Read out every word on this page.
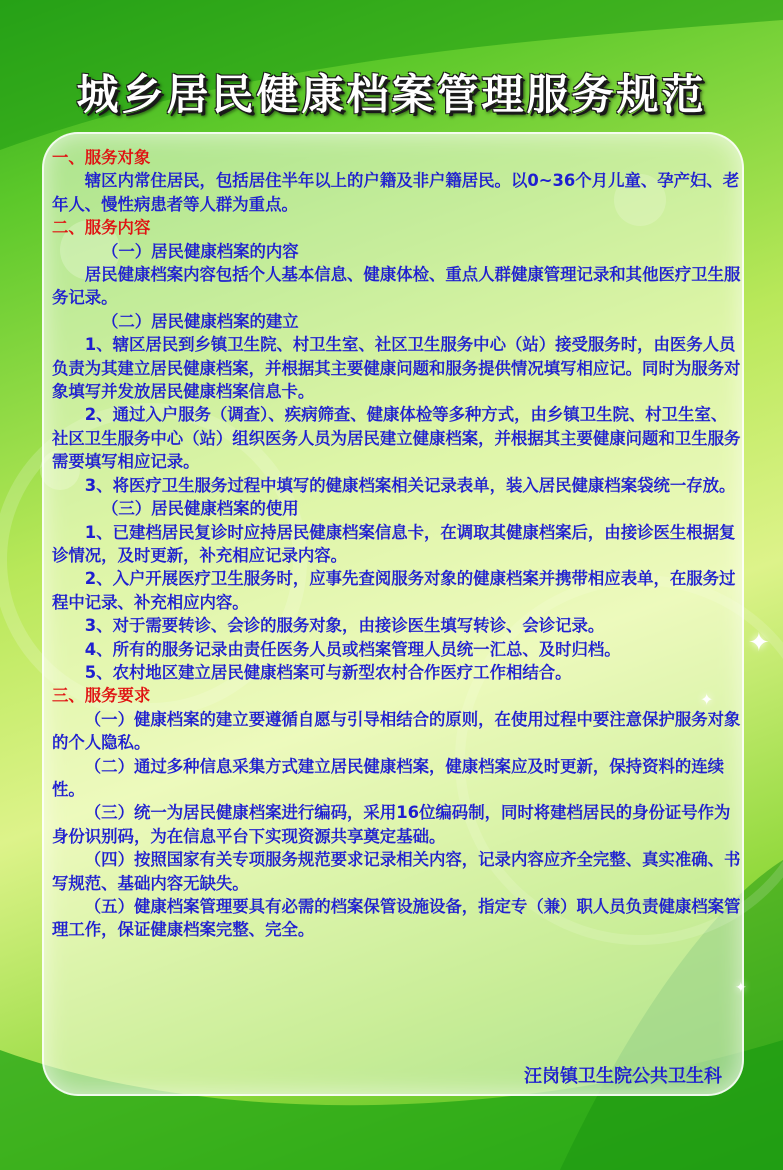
城乡居民健康档案管理服务规范

一、服务对象

辖区内常住居民，包括居住半年以上的户籍及非户籍居民。以0~36个月儿童、孕产妇、老年人、慢性病患者等人群为重点。

二、服务内容

（一）居民健康档案的内容

居民健康档案内容包括个人基本信息、健康体检、重点人群健康管理记录和其他医疗卫生服务记录。

（二）居民健康档案的建立

1、辖区居民到乡镇卫生院、村卫生室、社区卫生服务中心（站）接受服务时，由医务人员负责为其建立居民健康档案，并根据其主要健康问题和服务提供情况填写相应记。同时为服务对象填写并发放居民健康档案信息卡。

2、通过入户服务（调查）、疾病筛查、健康体检等多种方式，由乡镇卫生院、村卫生室、社区卫生服务中心（站）组织医务人员为居民建立健康档案，并根据其主要健康问题和卫生服务需要填写相应记录。

3、将医疗卫生服务过程中填写的健康档案相关记录表单，装入居民健康档案袋统一存放。

（三）居民健康档案的使用

1、已建档居民复诊时应持居民健康档案信息卡，在调取其健康档案后，由接诊医生根据复诊情况，及时更新，补充相应记录内容。

2、入户开展医疗卫生服务时，应事先查阅服务对象的健康档案并携带相应表单，在服务过程中记录、补充相应内容。

3、对于需要转诊、会诊的服务对象，由接诊医生填写转诊、会诊记录。

4、所有的服务记录由责任医务人员或档案管理人员统一汇总、及时归档。

5、农村地区建立居民健康档案可与新型农村合作医疗工作相结合。

三、服务要求

（一）健康档案的建立要遵循自愿与引导相结合的原则，在使用过程中要注意保护服务对象的个人隐私。

（二）通过多种信息采集方式建立居民健康档案，健康档案应及时更新，保持资料的连续性。

（三）统一为居民健康档案进行编码，采用16位编码制，同时将建档居民的身份证号作为身份识别码，为在信息平台下实现资源共享奠定基础。

（四）按照国家有关专项服务规范要求记录相关内容，记录内容应齐全完整、真实准确、书写规范、基础内容无缺失。

（五）健康档案管理要具有必需的档案保管设施设备，指定专（兼）职人员负责健康档案管理工作，保证健康档案完整、完全。

汪岗镇卫生院公共卫生科
✦
✦
✦
